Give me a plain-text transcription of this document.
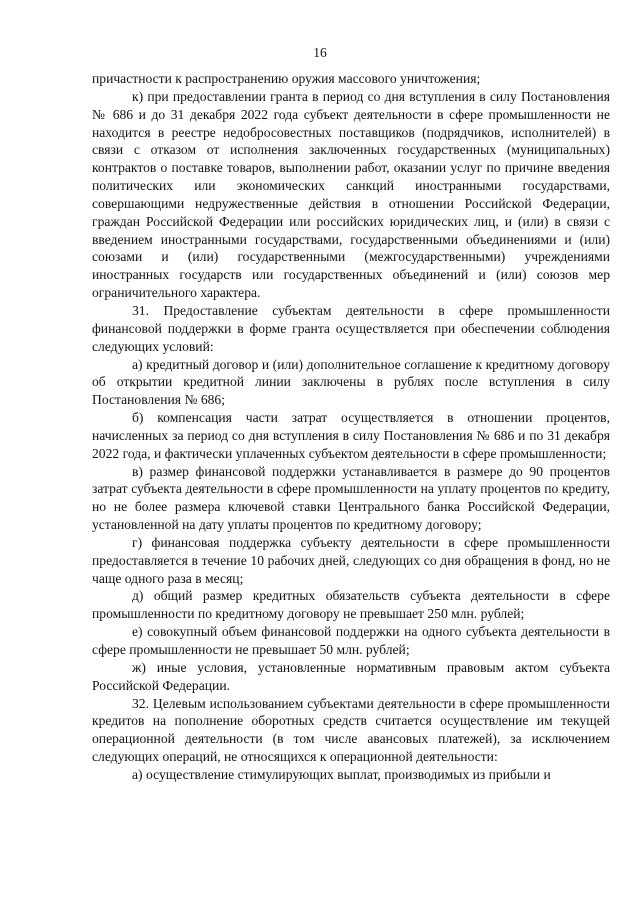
16

причастности к распространению оружия массового уничтожения;

к) при предоставлении гранта в период со дня вступления в силу Постановления № 686 и до 31 декабря 2022 года субъект деятельности в сфере промышленности не находится в реестре недобросовестных поставщиков (подрядчиков, исполнителей) в связи с отказом от исполнения заключенных государственных (муниципальных) контрактов о поставке товаров, выполнении работ, оказании услуг по причине введения политических или экономических санкций иностранными государствами, совершающими недружественные действия в отношении Российской Федерации, граждан Российской Федерации или российских юридических лиц, и (или) в связи с введением иностранными государствами, государственными объединениями и (или) союзами и (или) государственными (межгосударственными) учреждениями иностранных государств или государственных объединений и (или) союзов мер ограничительного характера.

31. Предоставление субъектам деятельности в сфере промышленности финансовой поддержки в форме гранта осуществляется при обеспечении соблюдения следующих условий:

а) кредитный договор и (или) дополнительное соглашение к кредитному договору об открытии кредитной линии заключены в рублях после вступления в силу Постановления № 686;

б) компенсация части затрат осуществляется в отношении процентов, начисленных за период со дня вступления в силу Постановления № 686 и по 31 декабря 2022 года, и фактически уплаченных субъектом деятельности в сфере промышленности;

в) размер финансовой поддержки устанавливается в размере до 90 процентов затрат субъекта деятельности в сфере промышленности на уплату процентов по кредиту, но не более размера ключевой ставки Центрального банка Российской Федерации, установленной на дату уплаты процентов по кредитному договору;

г) финансовая поддержка субъекту деятельности в сфере промышленности предоставляется в течение 10 рабочих дней, следующих со дня обращения в фонд, но не чаще одного раза в месяц;

д) общий размер кредитных обязательств субъекта деятельности в сфере промышленности по кредитному договору не превышает 250 млн. рублей;

е) совокупный объем финансовой поддержки на одного субъекта деятельности в сфере промышленности не превышает 50 млн. рублей;

ж) иные условия, установленные нормативным правовым актом субъекта Российской Федерации.

32. Целевым использованием субъектами деятельности в сфере промышленности кредитов на пополнение оборотных средств считается осуществление им текущей операционной деятельности (в том числе авансовых платежей), за исключением следующих операций, не относящихся к операционной деятельности:

а) осуществление стимулирующих выплат, производимых из прибыли и
